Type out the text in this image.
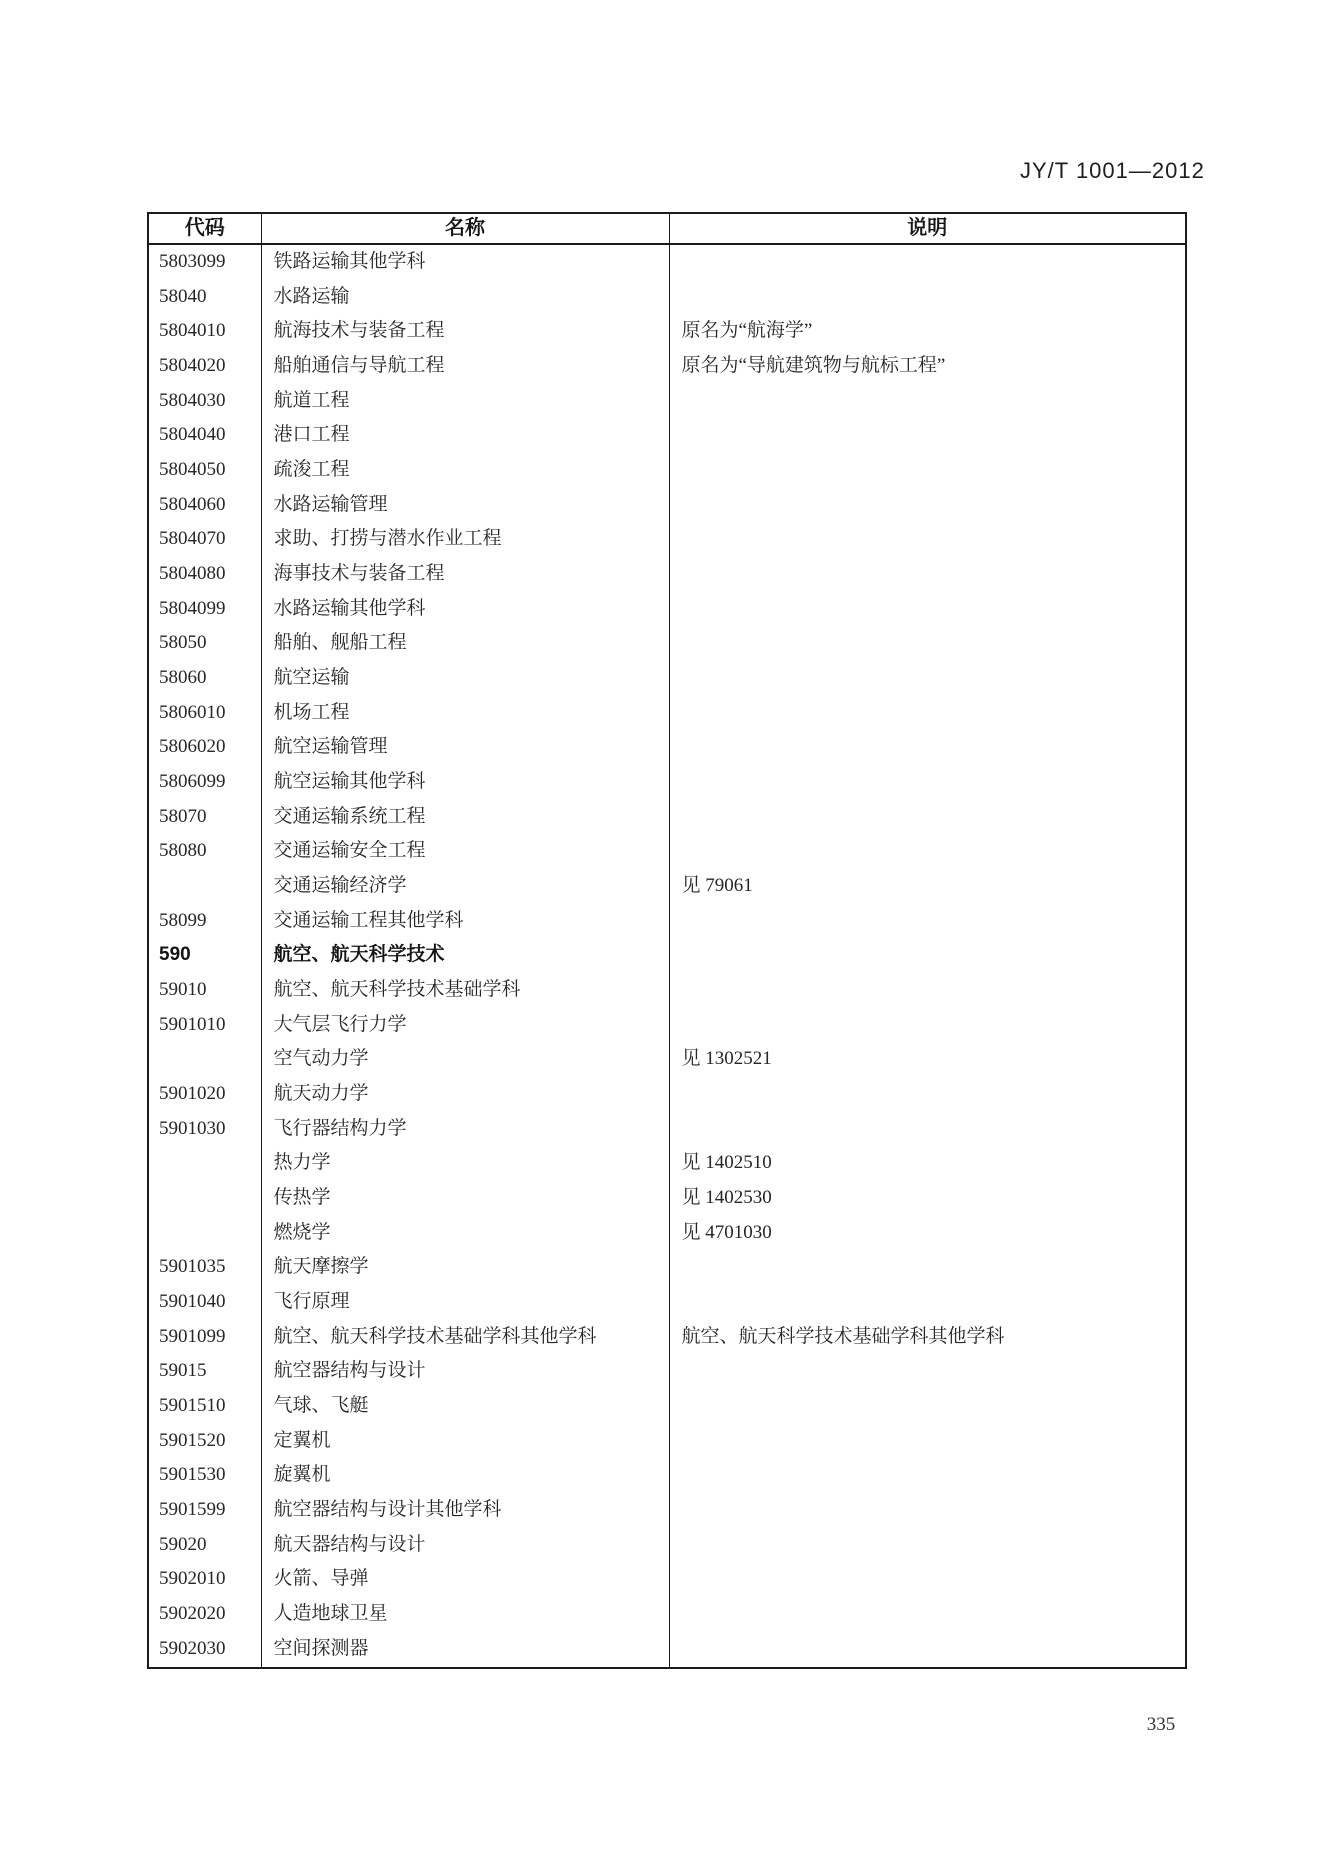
JY/T 1001—2012
代码	名称	说明
5803099	铁路运输其他学科	
58040	水路运输	
5804010	航海技术与装备工程	原名为“航海学”
5804020	船舶通信与导航工程	原名为“导航建筑物与航标工程”
5804030	航道工程	
5804040	港口工程	
5804050	疏浚工程	
5804060	水路运输管理	
5804070	求助、打捞与潜水作业工程	
5804080	海事技术与装备工程	
5804099	水路运输其他学科	
58050	船舶、舰船工程	
58060	航空运输	
5806010	机场工程	
5806020	航空运输管理	
5806099	航空运输其他学科	
58070	交通运输系统工程	
58080	交通运输安全工程	
	交通运输经济学	见 79061
58099	交通运输工程其他学科	
590	航空、航天科学技术	
59010	航空、航天科学技术基础学科	
5901010	大气层飞行力学	
	空气动力学	见 1302521
5901020	航天动力学	
5901030	飞行器结构力学	
	热力学	见 1402510
	传热学	见 1402530
	燃烧学	见 4701030
5901035	航天摩擦学	
5901040	飞行原理	
5901099	航空、航天科学技术基础学科其他学科	航空、航天科学技术基础学科其他学科
59015	航空器结构与设计	
5901510	气球、飞艇	
5901520	定翼机	
5901530	旋翼机	
5901599	航空器结构与设计其他学科	
59020	航天器结构与设计	
5902010	火箭、导弹	
5902020	人造地球卫星	
5902030	空间探测器	
335
